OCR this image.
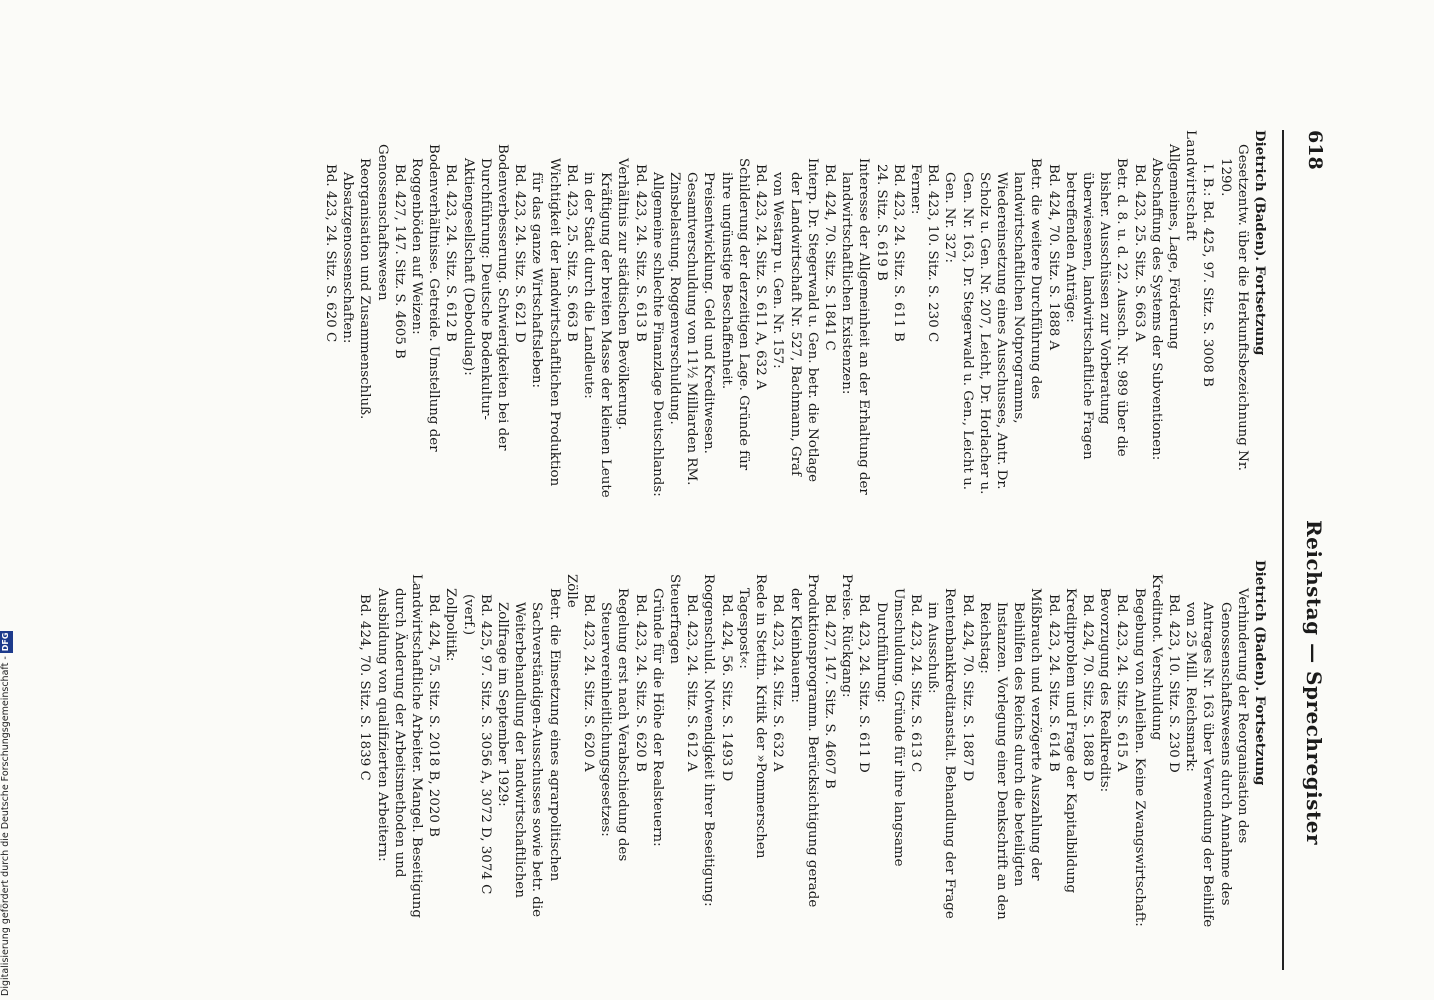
618
Reichstag — Sprechregister

Dietrich (Baden). Fortsetzung

Gesetzentw. über die Herkunftsbezeichnung Nr. 1290.

I. B.: Bd. 425, 97. Sitz. S. 3008 B

Landwirtschaft

Allgemeines, Lage, Förderung

Abschaffung des Systems der Subventionen:

Bd. 423, 25. Sitz. S. 663 A

Betr. d. 8. u. d. 22. Aussch. Nr. 989 über die bisher. Ausschüssen zur Vorberatung überwiesenen, landwirtschaftliche Fragen betreffenden Anträge:

Bd. 424, 70. Sitz. S. 1888 A

Betr. die weitere Durchführung des landwirtschaftlichen Notprogramms, Wiedereinsetzung eines Ausschusses, Antr. Dr. Scholz u. Gen. Nr. 207, Leicht, Dr. Horlacher u. Gen. Nr. 163, Dr. Stegerwald u. Gen., Leicht u. Gen. Nr. 327:

Bd. 423, 10. Sitz. S. 230 C

Ferner:

Bd. 423, 24. Sitz. S. 611 B

24. Sitz. S. 619 B

Interesse der Allgemeinheit an der Erhaltung der landwirtschaftlichen Existenzen:

Bd. 424, 70. Sitz. S. 1841 C

Interp. Dr. Stegerwald u. Gen. betr. die Notlage der Landwirtschaft Nr. 527, Bachmann, Graf von Westarp u. Gen. Nr. 157:

Bd. 423, 24. Sitz. S. 611 A, 632 A

Schilderung der derzeitigen Lage. Gründe für ihre ungünstige Beschaffenheit. Preisentwicklung. Geld und Kreditwesen. Gesamtverschuldung von 11½ Milliarden RM. Zinsbelastung. Roggenverschuldung. Allgemeine schlechte Finanzlage Deutschlands:

Bd. 423, 24. Sitz. S. 613 B

Verhältnis zur städtischen Bevölkerung. Kräftigung der breiten Masse der kleinen Leute in der Stadt durch die Landleute:

Bd. 423, 25. Sitz. S. 663 B

Wichtigkeit der landwirtschaftlichen Produktion für das ganze Wirtschaftsleben:

Bd. 423, 24. Sitz. S. 621 D

Bodenverbesserung. Schwierigkeiten bei der Durchführung: Deutsche Bodenkultur-Aktiengesellschaft (Debodulag):

Bd. 423, 24. Sitz. S. 612 B

Bodenverhältnisse. Getreide. Umstellung der Roggenböden auf Weizen:

Bd. 427, 147. Sitz. S. 4605 B

Genossenschaftswesen

Reorganisation und Zusammenschluß. Absatzgenossenschaften:

Bd. 423, 24. Sitz. S. 620 C

Dietrich (Baden). Fortsetzung

Verhinderung der Reorganisation des Genossenschaftswesens durch Annahme des Antrages Nr. 163 über Verwendung der Beihilfe von 25 Mill. Reichsmark:

Bd. 423, 10. Sitz. S. 230 D

Kreditnot. Verschuldung

Begebung von Anleihen. Keine Zwangswirtschaft:

Bd. 423, 24. Sitz. S. 615 A

Bevorzugung des Realkredits:

Bd. 424, 70. Sitz. S. 1888 D

Kreditproblem und Frage der Kapitalbildung

Bd. 423, 24. Sitz. S. 614 B

Mißbrauch und verzögerte Auszahlung der Beihilfen des Reichs durch die beteiligten Instanzen. Vorlegung einer Denkschrift an den Reichstag:

Bd. 424, 70. Sitz. S. 1887 D

Rentenbankkreditanstalt. Behandlung der Frage im Ausschuß:

Bd. 423, 24. Sitz. S. 613 C

Umschuldung. Gründe für ihre langsame Durchführung:

Bd. 423, 24. Sitz. S. 611 D

Preise. Rückgang:

Bd. 427, 147. Sitz. S. 4607 B

Produktionsprogramm. Berücksichtigung gerade der Kleinbauern:

Bd. 423, 24. Sitz. S. 632 A

Rede in Stettin. Kritik der »Pommerschen Tagespost«:

Bd. 424, 56. Sitz. S. 1493 D

Roggenschuld. Notwendigkeit ihrer Beseitigung:

Bd. 423, 24. Sitz. S. 612 A

Steuerfragen

Gründe für die Höhe der Realsteuern:

Bd. 423, 24. Sitz. S. 620 B

Regelung erst nach Verabschiedung des Steuervereinheitlichungsgesetzes:

Bd. 423, 24. Sitz. S. 620 A

Zölle

Betr. die Einsetzung eines agrarpolitischen Sachverständigen-Ausschusses sowie betr. die Weiterbehandlung der landwirtschaftlichen Zollfrage im September 1929:

Bd. 425, 97. Sitz. S. 3056 A, 3072 D, 3074 C (verf.)

Zollpolitik:

Bd. 424, 75. Sitz. S. 2018 B, 2020 B

Landwirtschaftliche Arbeiter. Mangel. Beseitigung durch Änderung der Arbeitsmethoden und Ausbildung von qualifizierten Arbeitern:

Bd. 424, 70. Sitz. S. 1839 C

Digitalisierung gefördert durch die Deutsche Forschungsgemeinschaft -DFG
